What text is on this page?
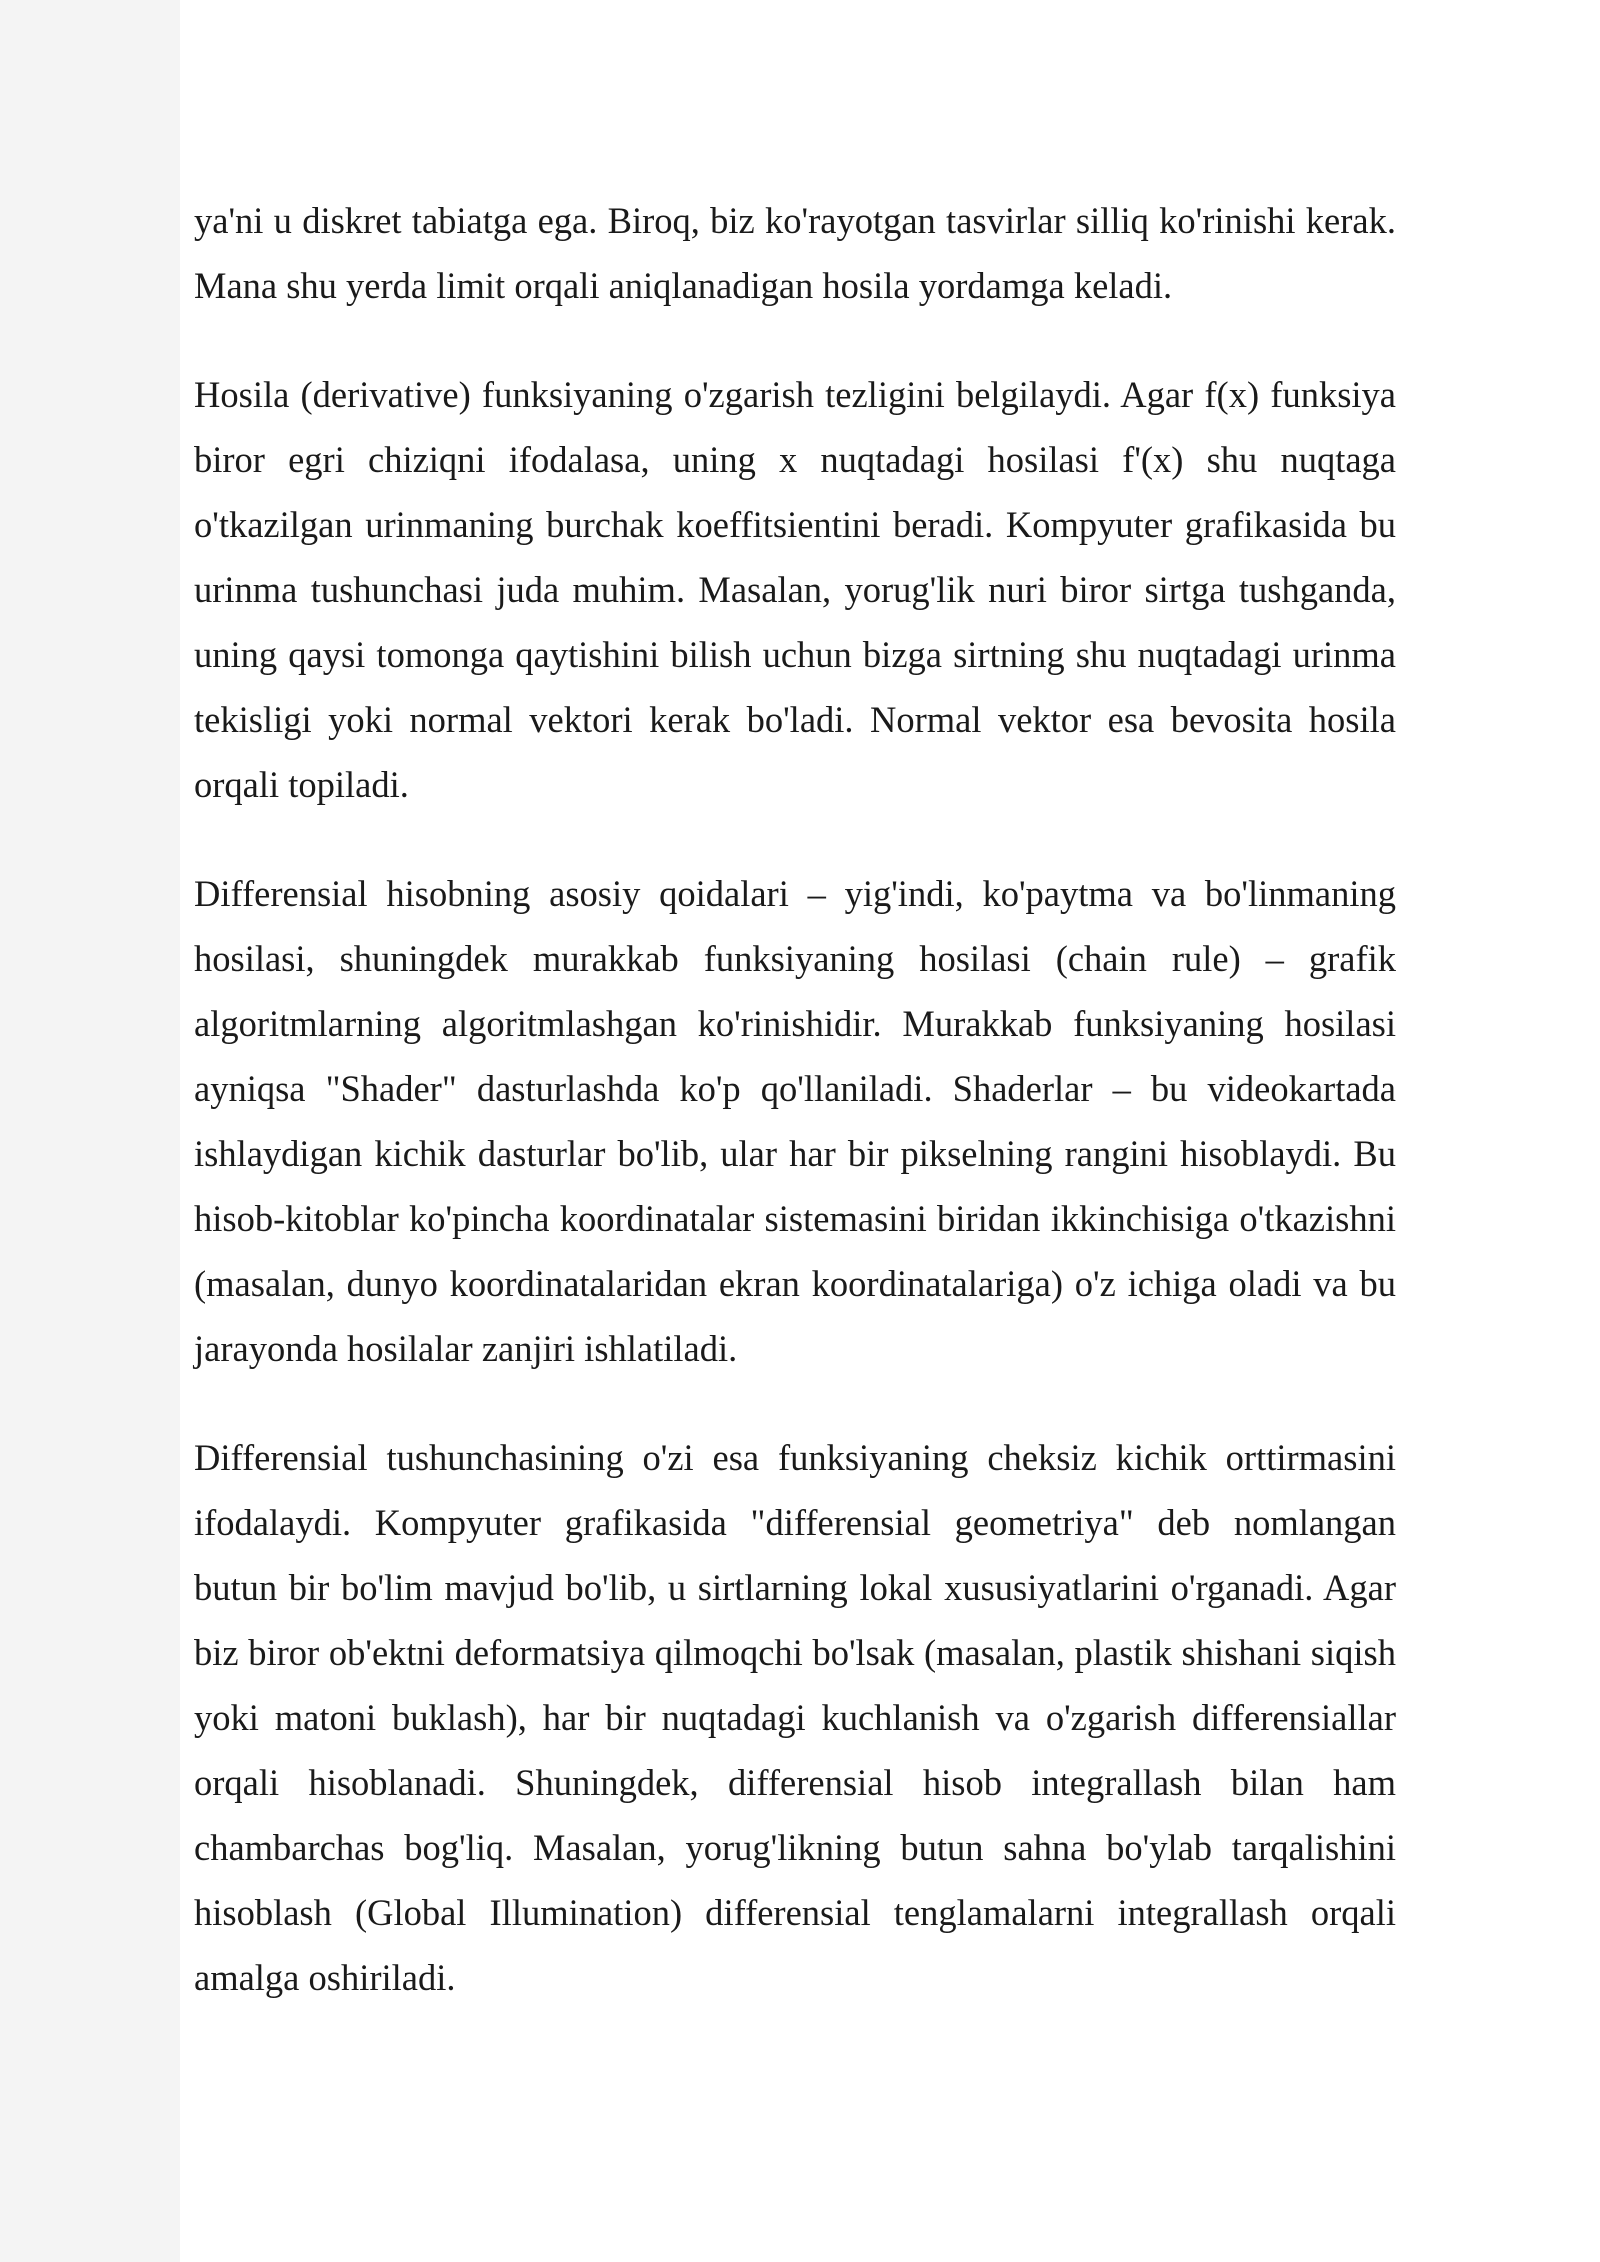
ya'ni u diskret tabiatga ega. Biroq, biz ko'rayotgan tasvirlar silliq ko'rinishi kerak. Mana shu yerda limit orqali aniqlanadigan hosila yordamga keladi.

Hosila (derivative) funksiyaning o'zgarish tezligini belgilaydi. Agar f(x) funksiya biror egri chiziqni ifodalasa, uning x nuqtadagi hosilasi f'(x) shu nuqtaga o'tkazilgan urinmaning burchak koeffitsientini beradi. Kompyuter grafikasida bu urinma tushunchasi juda muhim. Masalan, yorug'lik nuri biror sirtga tushganda, uning qaysi tomonga qaytishini bilish uchun bizga sirtning shu nuqtadagi urinma tekisligi yoki normal vektori kerak bo'ladi. Normal vektor esa bevosita hosila orqali topiladi.

Differensial hisobning asosiy qoidalari – yig'indi, ko'paytma va bo'linmaning hosilasi, shuningdek murakkab funksiyaning hosilasi (chain rule) – grafik algoritmlarning algoritmlashgan ko'rinishidir. Murakkab funksiyaning hosilasi ayniqsa "Shader" dasturlashda ko'p qo'llaniladi. Shaderlar – bu videokartada ishlaydigan kichik dasturlar bo'lib, ular har bir pikselning rangini hisoblaydi. Bu hisob-kitoblar ko'pincha koordinatalar sistemasini biridan ikkinchisiga o'tkazishni (masalan, dunyo koordinatalaridan ekran koordinatalariga) o'z ichiga oladi va bu jarayonda hosilalar zanjiri ishlatiladi.

Differensial tushunchasining o'zi esa funksiyaning cheksiz kichik orttirmasini ifodalaydi. Kompyuter grafikasida "differensial geometriya" deb nomlangan butun bir bo'lim mavjud bo'lib, u sirtlarning lokal xususiyatlarini o'rganadi. Agar biz biror ob'ektni deformatsiya qilmoqchi bo'lsak (masalan, plastik shishani siqish yoki matoni buklash), har bir nuqtadagi kuchlanish va o'zgarish differensiallar orqali hisoblanadi. Shuningdek, differensial hisob integrallash bilan ham chambarchas bog'liq. Masalan, yorug'likning butun sahna bo'ylab tarqalishini hisoblash (Global Illumination) differensial tenglamalarni integrallash orqali amalga oshiriladi.
